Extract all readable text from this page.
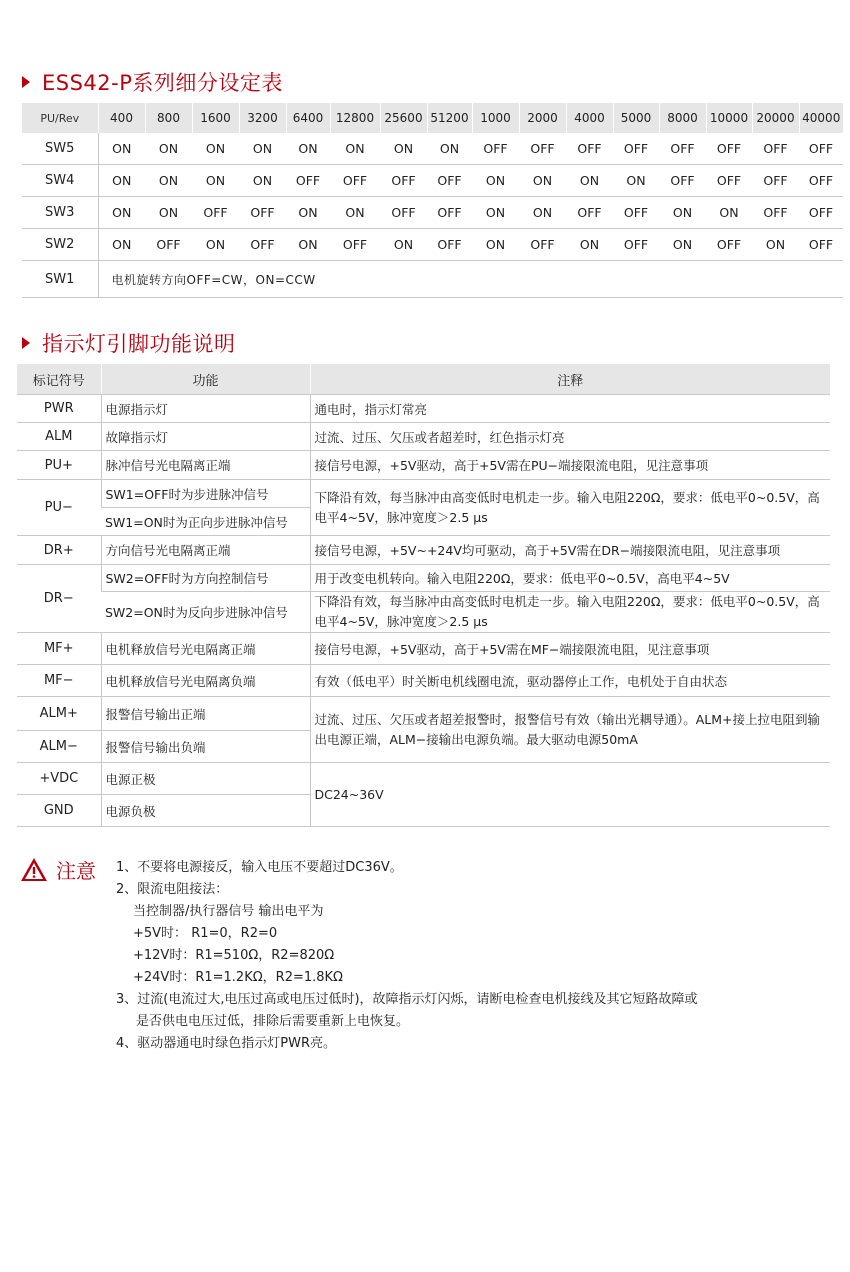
ESS42-P系列细分设定表
PU/Rev	400	800	1600	3200	6400	12800	25600	51200	1000	2000	4000	5000	8000	10000	20000	40000
SW5	ON	ON	ON	ON	ON	ON	ON	ON	OFF	OFF	OFF	OFF	OFF	OFF	OFF	OFF
SW4	ON	ON	ON	ON	OFF	OFF	OFF	OFF	ON	ON	ON	ON	OFF	OFF	OFF	OFF
SW3	ON	ON	OFF	OFF	ON	ON	OFF	OFF	ON	ON	OFF	OFF	ON	ON	OFF	OFF
SW2	ON	OFF	ON	OFF	ON	OFF	ON	OFF	ON	OFF	ON	OFF	ON	OFF	ON	OFF
SW1	电机旋转方向OFF=CW，ON=CCW															
指示灯引脚功能说明
标记符号	功能	注释
PWR	电源指示灯	通电时，指示灯常亮
ALM	故障指示灯	过流、过压、欠压或者超差时，红色指示灯亮
PU+	脉冲信号光电隔离正端	接信号电源，+5V驱动，高于+5V需在PU−端接限流电阻，见注意事项
PU−	SW1=OFF时为步进脉冲信号	下降沿有效，每当脉冲由高变低时电机走一步。输入电阻220Ω，要求：低电平0~0.5V，高电平4~5V，脉冲宽度＞2.5 μs
	SW1=ON时为正向步进脉冲信号	
DR+	方向信号光电隔离正端	接信号电源，+5V~+24V均可驱动，高于+5V需在DR−端接限流电阻，见注意事项
DR−	SW2=OFF时为方向控制信号	用于改变电机转向。输入电阻220Ω，要求：低电平0~0.5V，高电平4~5V
	SW2=ON时为反向步进脉冲信号	下降沿有效，每当脉冲由高变低时电机走一步。输入电阻220Ω，要求：低电平0~0.5V，高电平4~5V，脉冲宽度＞2.5 μs
MF+	电机释放信号光电隔离正端	接信号电源，+5V驱动，高于+5V需在MF−端接限流电阻，见注意事项
MF−	电机释放信号光电隔离负端	有效（低电平）时关断电机线圈电流，驱动器停止工作，电机处于自由状态
ALM+	报警信号输出正端	过流、过压、欠压或者超差报警时，报警信号有效（输出光耦导通）。ALM+接上拉电阻到输出电源正端，ALM−接输出电源负端。最大驱动电源50mA
ALM−	报警信号输出负端	
+VDC	电源正极	DC24~36V
GND	电源负极	
注意 1、不要将电源接反，输入电压不要超过DC36V。
2、限流电阻接法：
当控制器/执行器信号 输出电平为
+5V时： R1=0，R2=0
+12V时：R1=510Ω，R2=820Ω
+24V时：R1=1.2KΩ，R2=1.8KΩ
3、过流(电流过大,电压过高或电压过低时)，故障指示灯闪烁，请断电检查电机接线及其它短路故障或
是否供电电压过低，排除后需要重新上电恢复。
4、驱动器通电时绿色指示灯PWR亮。
